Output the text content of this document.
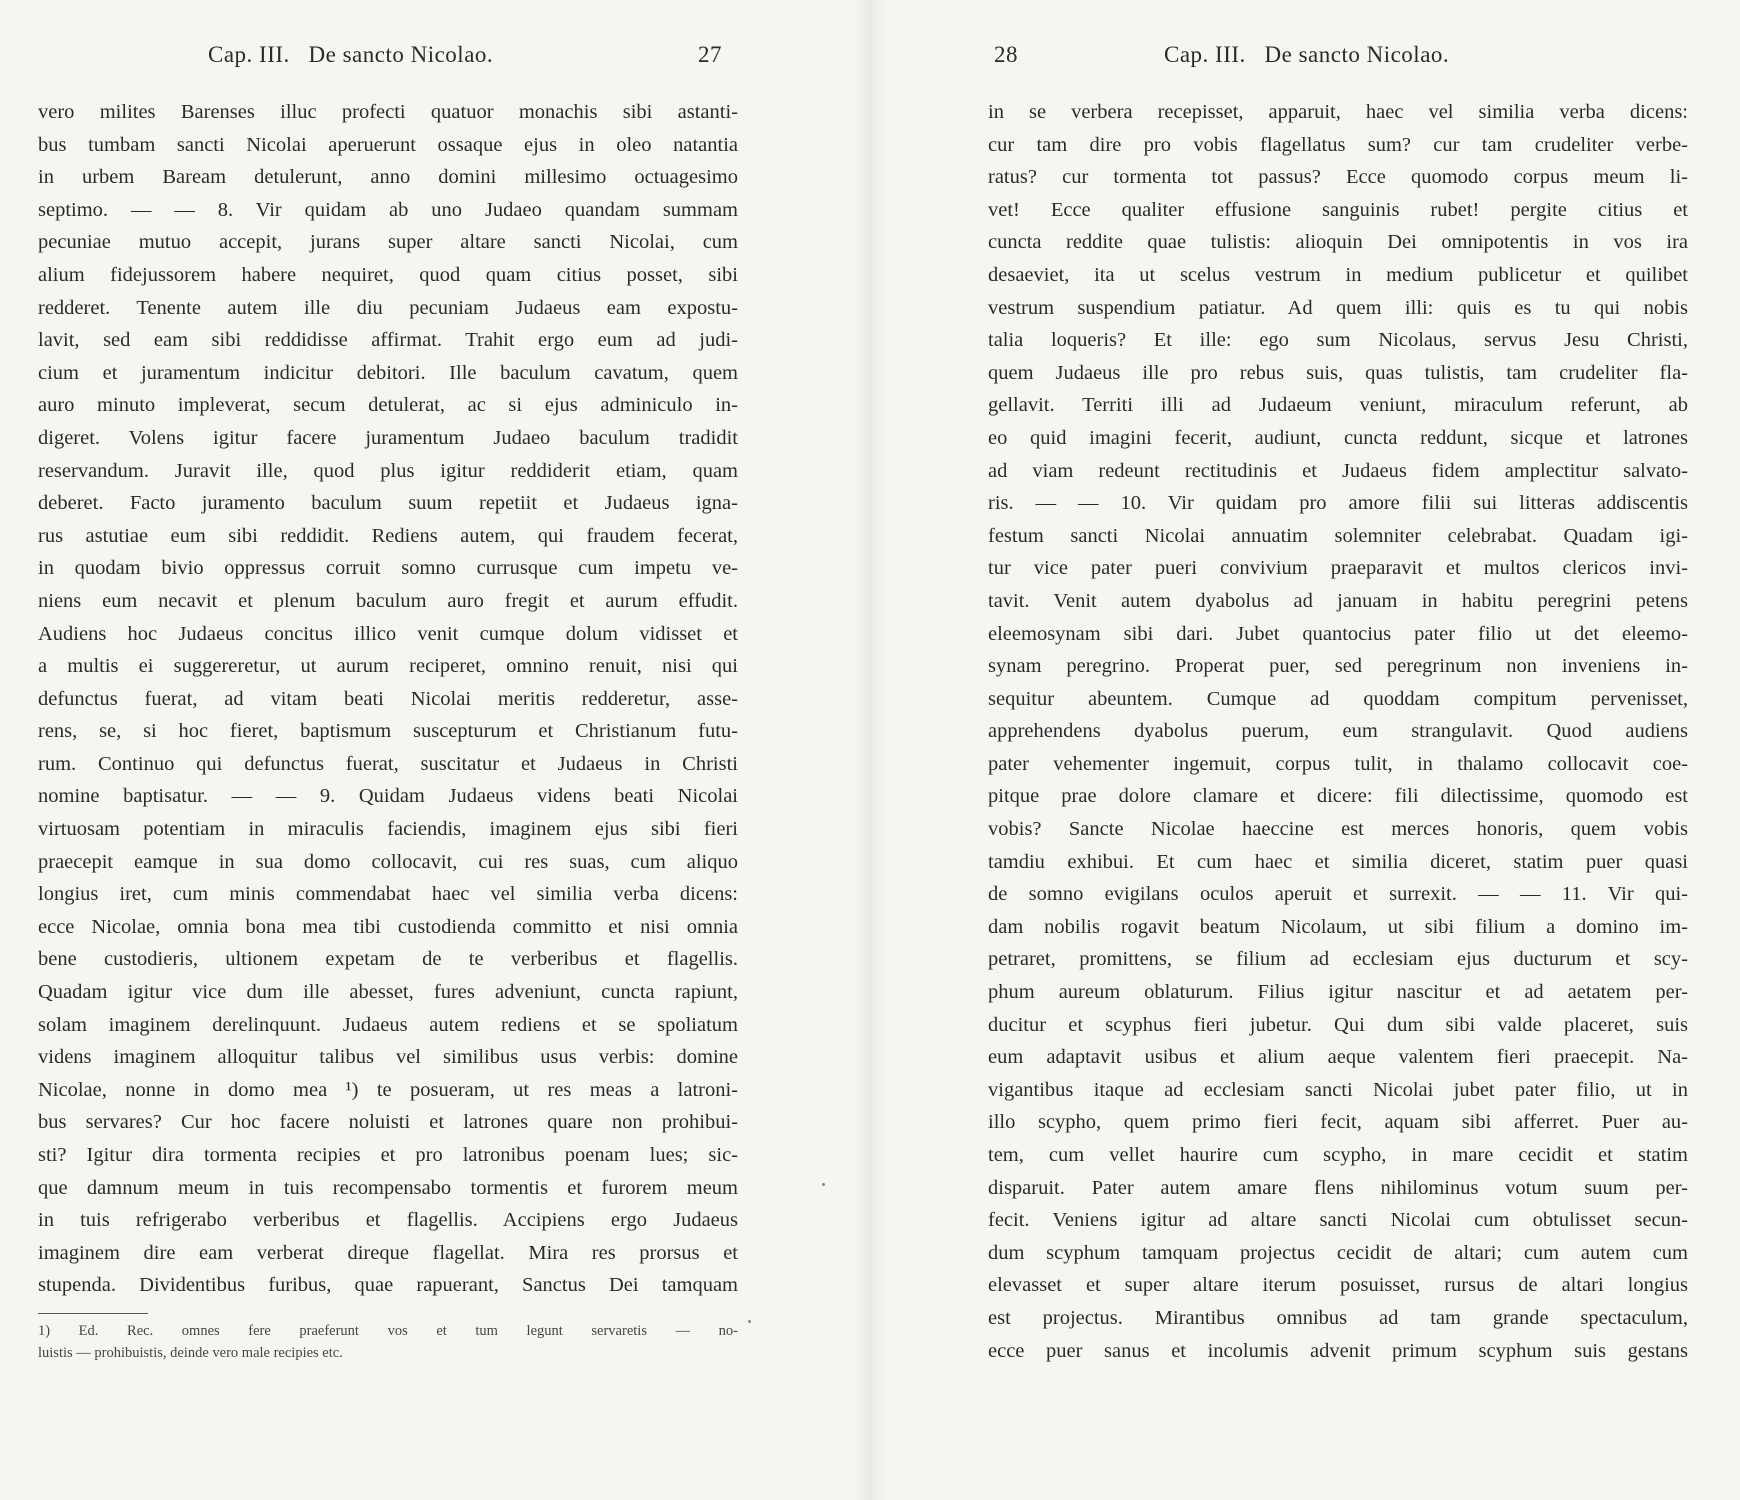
Cap. III.   De sancto Nicolao.	27
vero milites Barenses illuc profecti quatuor monachis sibi astanti-
bus tumbam sancti Nicolai aperuerunt ossaque ejus in oleo natantia
in urbem Baream detulerunt, anno domini millesimo octuagesimo
septimo. — — 8. Vir quidam ab uno Judaeo quandam summam
pecuniae mutuo accepit, jurans super altare sancti Nicolai, cum
alium fidejussorem habere nequiret, quod quam citius posset, sibi
redderet. Tenente autem ille diu pecuniam Judaeus eam expostu-
lavit, sed eam sibi reddidisse affirmat. Trahit ergo eum ad judi-
cium et juramentum indicitur debitori. Ille baculum cavatum, quem
auro minuto impleverat, secum detulerat, ac si ejus adminiculo in-
digeret. Volens igitur facere juramentum Judaeo baculum tradidit
reservandum. Juravit ille, quod plus igitur reddiderit etiam, quam
deberet. Facto juramento baculum suum repetiit et Judaeus igna-
rus astutiae eum sibi reddidit. Rediens autem, qui fraudem fecerat,
in quodam bivio oppressus corruit somno currusque cum impetu ve-
niens eum necavit et plenum baculum auro fregit et aurum effudit.
Audiens hoc Judaeus concitus illico venit cumque dolum vidisset et
a multis ei suggereretur, ut aurum reciperet, omnino renuit, nisi qui
defunctus fuerat, ad vitam beati Nicolai meritis redderetur, asse-
rens, se, si hoc fieret, baptismum suscepturum et Christianum futu-
rum. Continuo qui defunctus fuerat, suscitatur et Judaeus in Christi
nomine baptisatur. — — 9. Quidam Judaeus videns beati Nicolai
virtuosam potentiam in miraculis faciendis, imaginem ejus sibi fieri
praecepit eamque in sua domo collocavit, cui res suas, cum aliquo
longius iret, cum minis commendabat haec vel similia verba dicens:
ecce Nicolae, omnia bona mea tibi custodienda committo et nisi omnia
bene custodieris, ultionem expetam de te verberibus et flagellis.
Quadam igitur vice dum ille abesset, fures adveniunt, cuncta rapiunt,
solam imaginem derelinquunt. Judaeus autem rediens et se spoliatum
videns imaginem alloquitur talibus vel similibus usus verbis: domine
Nicolae, nonne in domo mea ¹) te posueram, ut res meas a latroni-
bus servares? Cur hoc facere noluisti et latrones quare non prohibui-
sti? Igitur dira tormenta recipies et pro latronibus poenam lues; sic-
que damnum meum in tuis recompensabo tormentis et furorem meum
in tuis refrigerabo verberibus et flagellis. Accipiens ergo Judaeus
imaginem dire eam verberat direque flagellat. Mira res prorsus et
stupenda. Dividentibus furibus, quae rapuerant, Sanctus Dei tamquam
1) Ed. Rec. omnes fere praeferunt vos et tum legunt servaretis — no-
luistis — prohibuistis, deinde vero male recipies etc.
28	Cap. III.   De sancto Nicolao.
in se verbera recepisset, apparuit, haec vel similia verba dicens:
cur tam dire pro vobis flagellatus sum? cur tam crudeliter verbe-
ratus? cur tormenta tot passus? Ecce quomodo corpus meum li-
vet! Ecce qualiter effusione sanguinis rubet! pergite citius et
cuncta reddite quae tulistis: alioquin Dei omnipotentis in vos ira
desaeviet, ita ut scelus vestrum in medium publicetur et quilibet
vestrum suspendium patiatur. Ad quem illi: quis es tu qui nobis
talia loqueris? Et ille: ego sum Nicolaus, servus Jesu Christi,
quem Judaeus ille pro rebus suis, quas tulistis, tam crudeliter fla-
gellavit. Territi illi ad Judaeum veniunt, miraculum referunt, ab
eo quid imagini fecerit, audiunt, cuncta reddunt, sicque et latrones
ad viam redeunt rectitudinis et Judaeus fidem amplectitur salvato-
ris. — — 10. Vir quidam pro amore filii sui litteras addiscentis
festum sancti Nicolai annuatim solemniter celebrabat. Quadam igi-
tur vice pater pueri convivium praeparavit et multos clericos invi-
tavit. Venit autem dyabolus ad januam in habitu peregrini petens
eleemosynam sibi dari. Jubet quantocius pater filio ut det eleemo-
synam peregrino. Properat puer, sed peregrinum non inveniens in-
sequitur abeuntem. Cumque ad quoddam compitum pervenisset,
apprehendens dyabolus puerum, eum strangulavit. Quod audiens
pater vehementer ingemuit, corpus tulit, in thalamo collocavit coe-
pitque prae dolore clamare et dicere: fili dilectissime, quomodo est
vobis? Sancte Nicolae haeccine est merces honoris, quem vobis
tamdiu exhibui. Et cum haec et similia diceret, statim puer quasi
de somno evigilans oculos aperuit et surrexit. — — 11. Vir qui-
dam nobilis rogavit beatum Nicolaum, ut sibi filium a domino im-
petraret, promittens, se filium ad ecclesiam ejus ducturum et scy-
phum aureum oblaturum. Filius igitur nascitur et ad aetatem per-
ducitur et scyphus fieri jubetur. Qui dum sibi valde placeret, suis
eum adaptavit usibus et alium aeque valentem fieri praecepit. Na-
vigantibus itaque ad ecclesiam sancti Nicolai jubet pater filio, ut in
illo scypho, quem primo fieri fecit, aquam sibi afferret. Puer au-
tem, cum vellet haurire cum scypho, in mare cecidit et statim
disparuit. Pater autem amare flens nihilominus votum suum per-
fecit. Veniens igitur ad altare sancti Nicolai cum obtulisset secun-
dum scyphum tamquam projectus cecidit de altari; cum autem cum
elevasset et super altare iterum posuisset, rursus de altari longius
est projectus. Mirantibus omnibus ad tam grande spectaculum,
ecce puer sanus et incolumis advenit primum scyphum suis gestans
